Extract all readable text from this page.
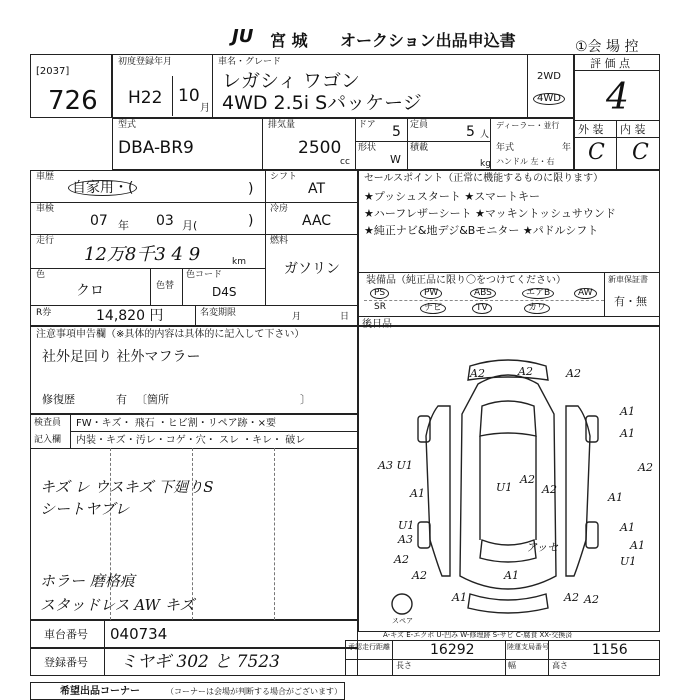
JU 宮 城 オークション出品申込書	①会 場 控
[2037]
726
初度登録年月
H22 10
月
車名・グレード
レガシィ ワゴン
4WD 2.5i Sパッケージ
2WD
4WD
評 価 点
4
外 装 内 装
C C
型式
DBA-BR9
排気量
2500
cc
ドア 5 定員	5 人
形状
W
積載
kg
ディーラー・並行
年式	年
ハンドル 左・右
車歴
自家用・(	)
シフト
AT
車検
07 年 03 月(	)
冷房
AAC
走行
12万8千3 4 9	km
燃料
ガソリン
色
クロ	色替
色コード
D4S
R券	14,820 円	名変期限	月	日
セールスポイント（正常に機能するものに限ります）
★プッシュスタート ★スマートキー
★ハーフレザーシート ★マッキントッシュサウンド
★純正ナビ&地デジ&Bモニター ★パドルシフト
装備品（純正品に限り〇をつけてください）	新車保証書
有・無
PS	PW	ABS	エアB	AW
SR	ナビ	TV	カワ
後日品
注意事項申告欄（※具体的内容は具体的に記入して下さい）
社外足回り 社外マフラー
修復歴	有 〔箇所	〕
検査員
記入欄
FW・キズ・ 飛石 ・ヒビ割・リペア跡・×要
内装・キズ・汚レ・コゲ・穴・ スレ ・キレ・ 破レ
キズ レ ウスキズ 下廻りS
シートヤブレ
ホラー 磨格痕
スタッドレス AW キズ
A2	A2	A2
A1
A1
A3 U1	A2
A1
A2
U1	A2
A1
U1
A3
A1
A1
A2	U1
アッセ
A2	A1
A1	A2 A2
スペア
A-キズ E-エクボ U-凹み W-修理跡 S-サビ C-腐食 XX-交換済
車台番号 040734
登録番号 ミヤギ 302 と 7523
承認走行距離	16292	陸運支局番号	1156
長さ	幅	高さ
希望出品コーナー	（コーナーは会場が判断する場合がございます）
